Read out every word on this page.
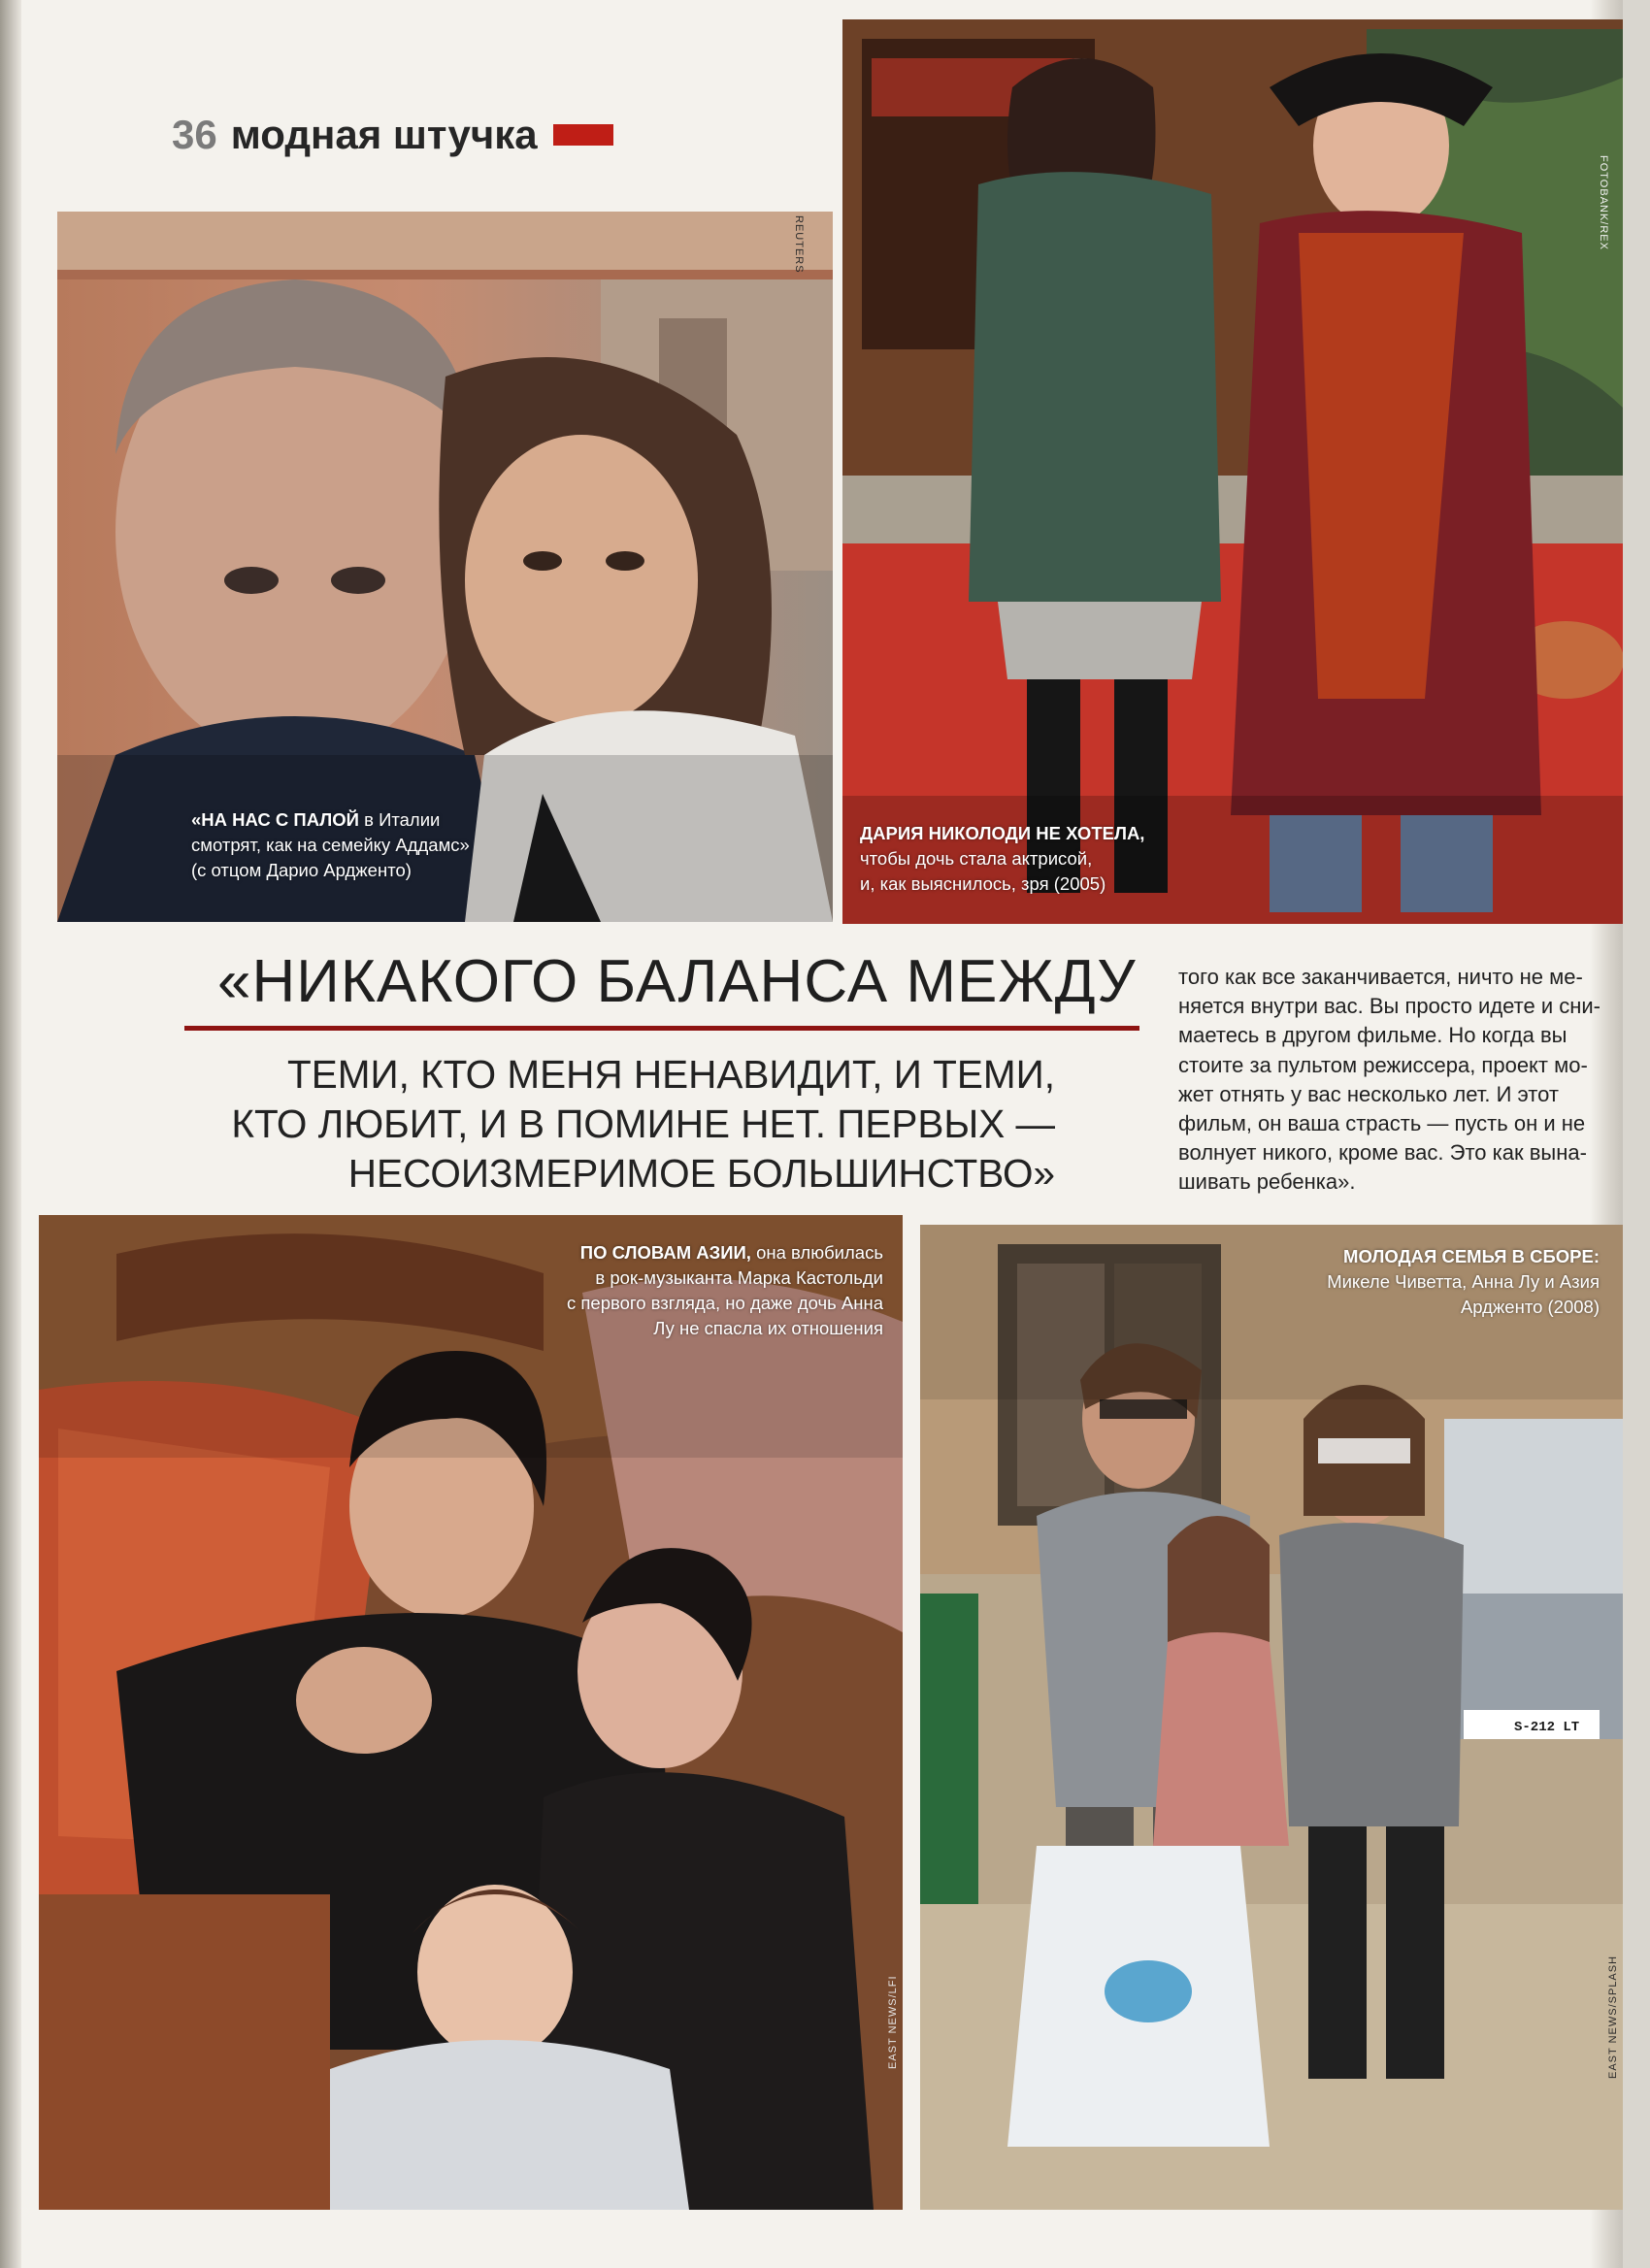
36 модная штучка
«НА НАС С ПАЛОЙ в Италии
смотрят, как на семейку Аддамс»
(с отцом Дарио Ардженто)
REUTERS
ДАРИЯ НИКОЛОДИ НЕ ХОТЕЛА,
чтобы дочь стала актрисой,
и, как выяснилось, зря (2005)
FOTOBANK/REX
«НИКАКОГО БАЛАНСА МЕЖДУ
ТЕМИ, КТО МЕНЯ НЕНАВИДИТ, И ТЕМИ,
КТО ЛЮБИТ, И В ПОМИНЕ НЕТ. ПЕРВЫХ —
НЕСОИЗМЕРИМОЕ БОЛЬШИНСТВО»
того как все заканчивается, ничто не ме-
няется внутри вас. Вы просто идете и сни-
маетесь в другом фильме. Но когда вы
стоите за пультом режиссера, проект мо-
жет отнять у вас несколько лет. И этот
фильм, он ваша страсть — пусть он и не
волнует никого, кроме вас. Это как вына-
шивать ребенка».
ПО СЛОВАМ АЗИИ, она влюбилась
в рок-музыканта Марка Кастольди
с первого взгляда, но даже дочь Анна
Лу не спасла их отношения
EAST NEWS/LFI
МОЛОДАЯ СЕМЬЯ В СБОРЕ:
Микеле Чиветта, Анна Лу и Азия
Ардженто (2008)
S-212 LT
EAST NEWS/SPLASH
